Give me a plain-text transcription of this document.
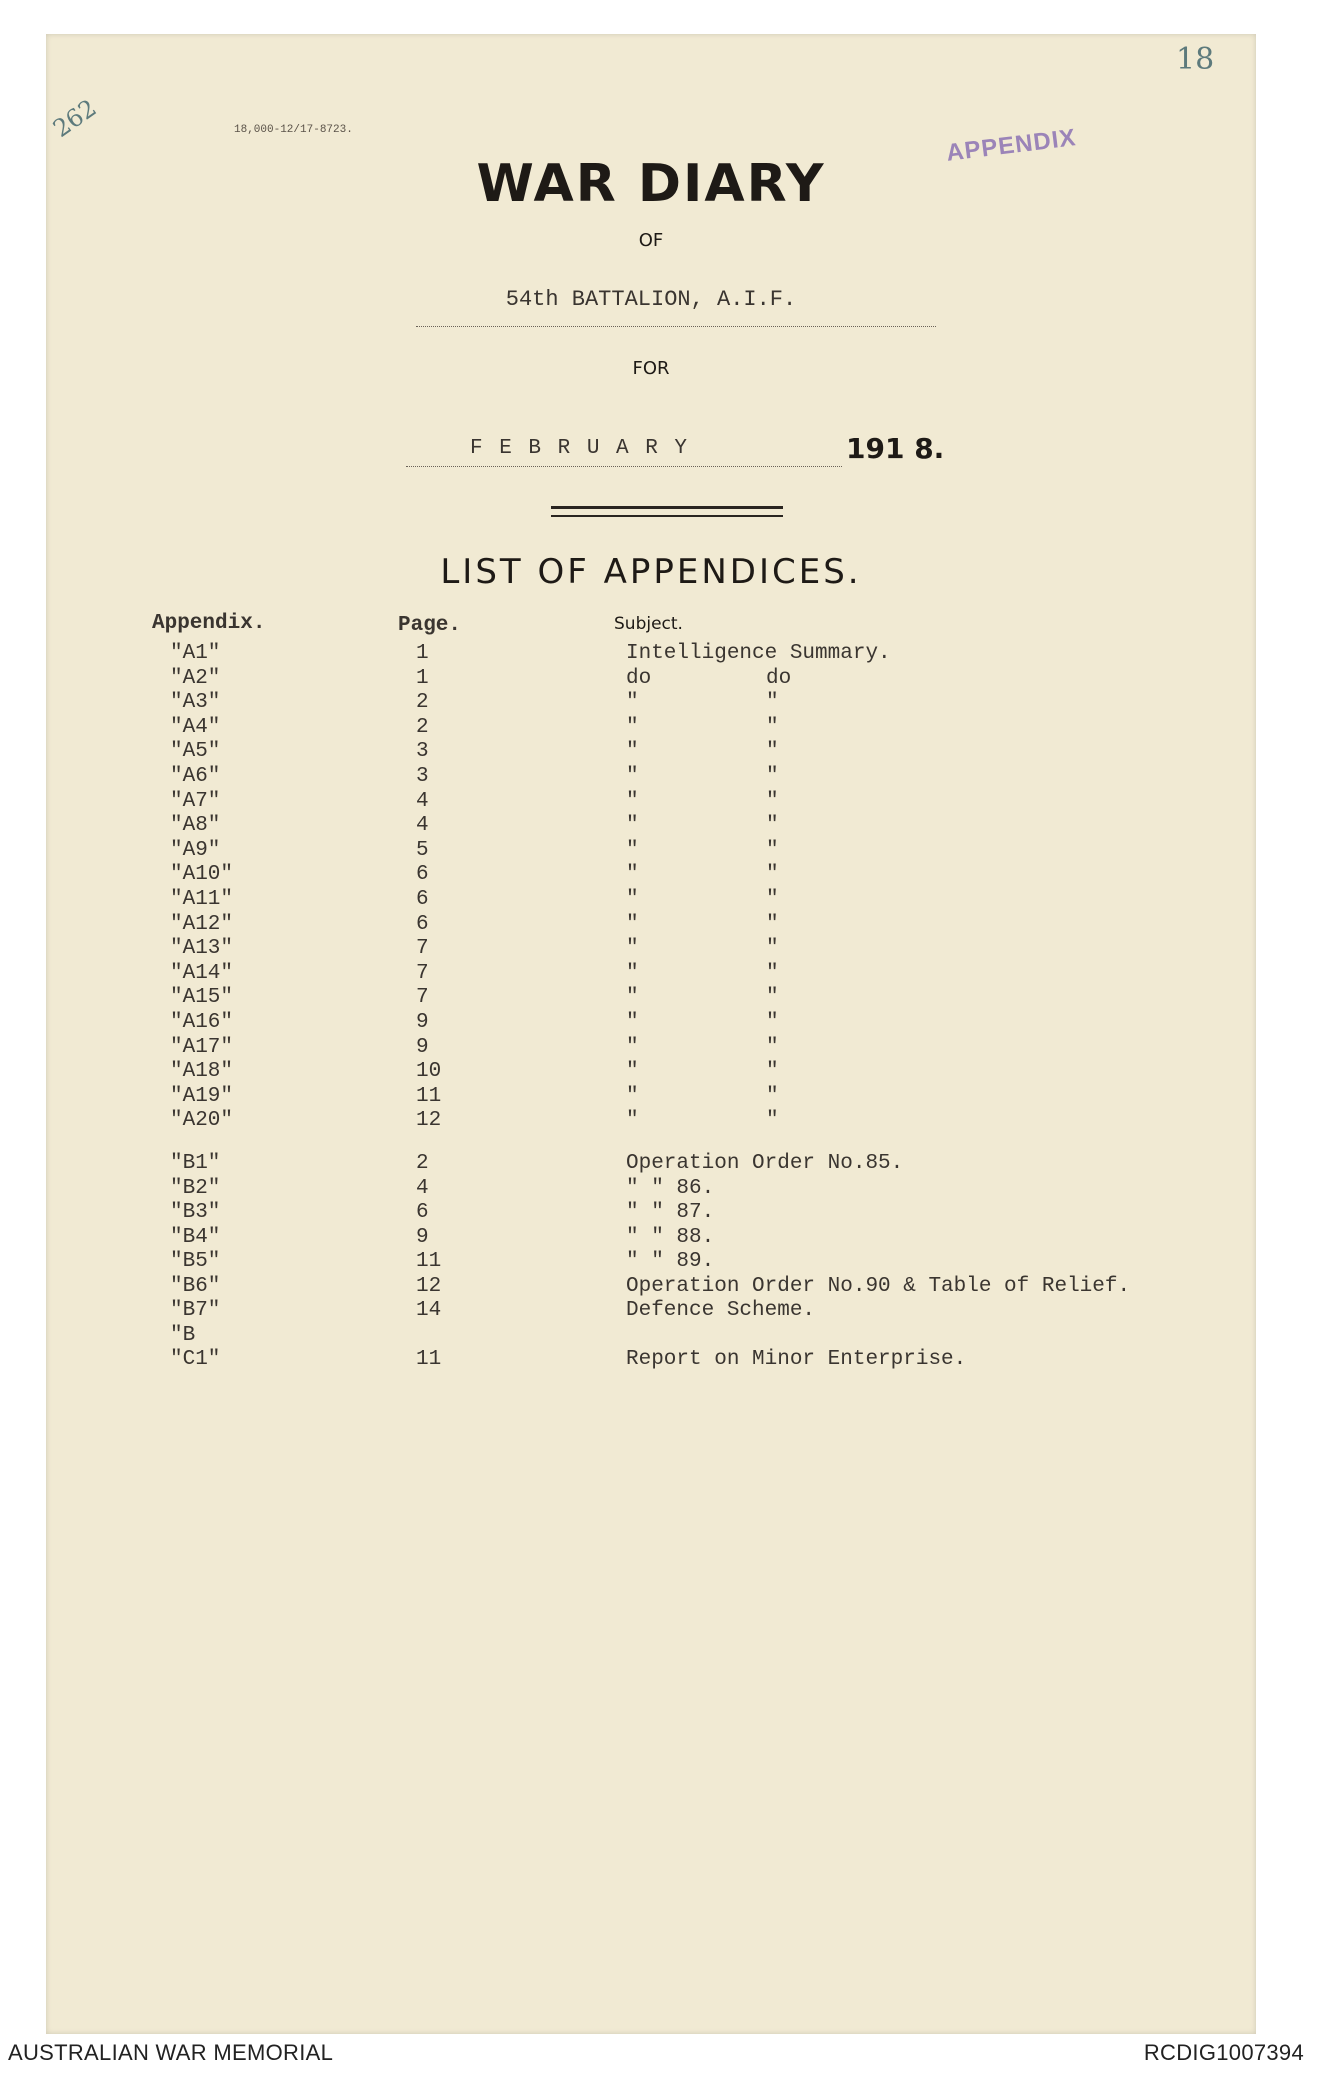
18
262	18,000-12/17-8723.	APPENDIX
WAR DIARY
OF
54th BATTALION, A.I.F.
FOR
F E B R U A R Y	191 8.
LIST OF APPENDICES.
Appendix.	Page.	Subject.
"A1"	1	Intelligence Summary.
"A2"	1	do	do
"A3"	2	"	"
"A4"	2	"	"
"A5"	3	"	"
"A6"	3	"	"
"A7"	4	"	"
"A8"	4	"	"
"A9"	5	"	"
"A10"	6	"	"
"A11"	6	"	"
"A12"	6	"	"
"A13"	7	"	"
"A14"	7	"	"
"A15"	7	"	"
"A16"	9	"	"
"A17"	9	"	"
"A18"	10	"	"
"A19"	11	"	"
"A20"	12	"	"
"B1"	2	Operation Order No.85.
"B2"	4	" " 86.
"B3"	6	" " 87.
"B4"	9	" " 88.
"B5"	11	" " 89.
"B6"	12	Operation Order No.90 & Table of Relief.
"B7"	14	Defence Scheme.
"B
"C1"	11	Report on Minor Enterprise.
AUSTRALIAN WAR MEMORIAL	RCDIG1007394
